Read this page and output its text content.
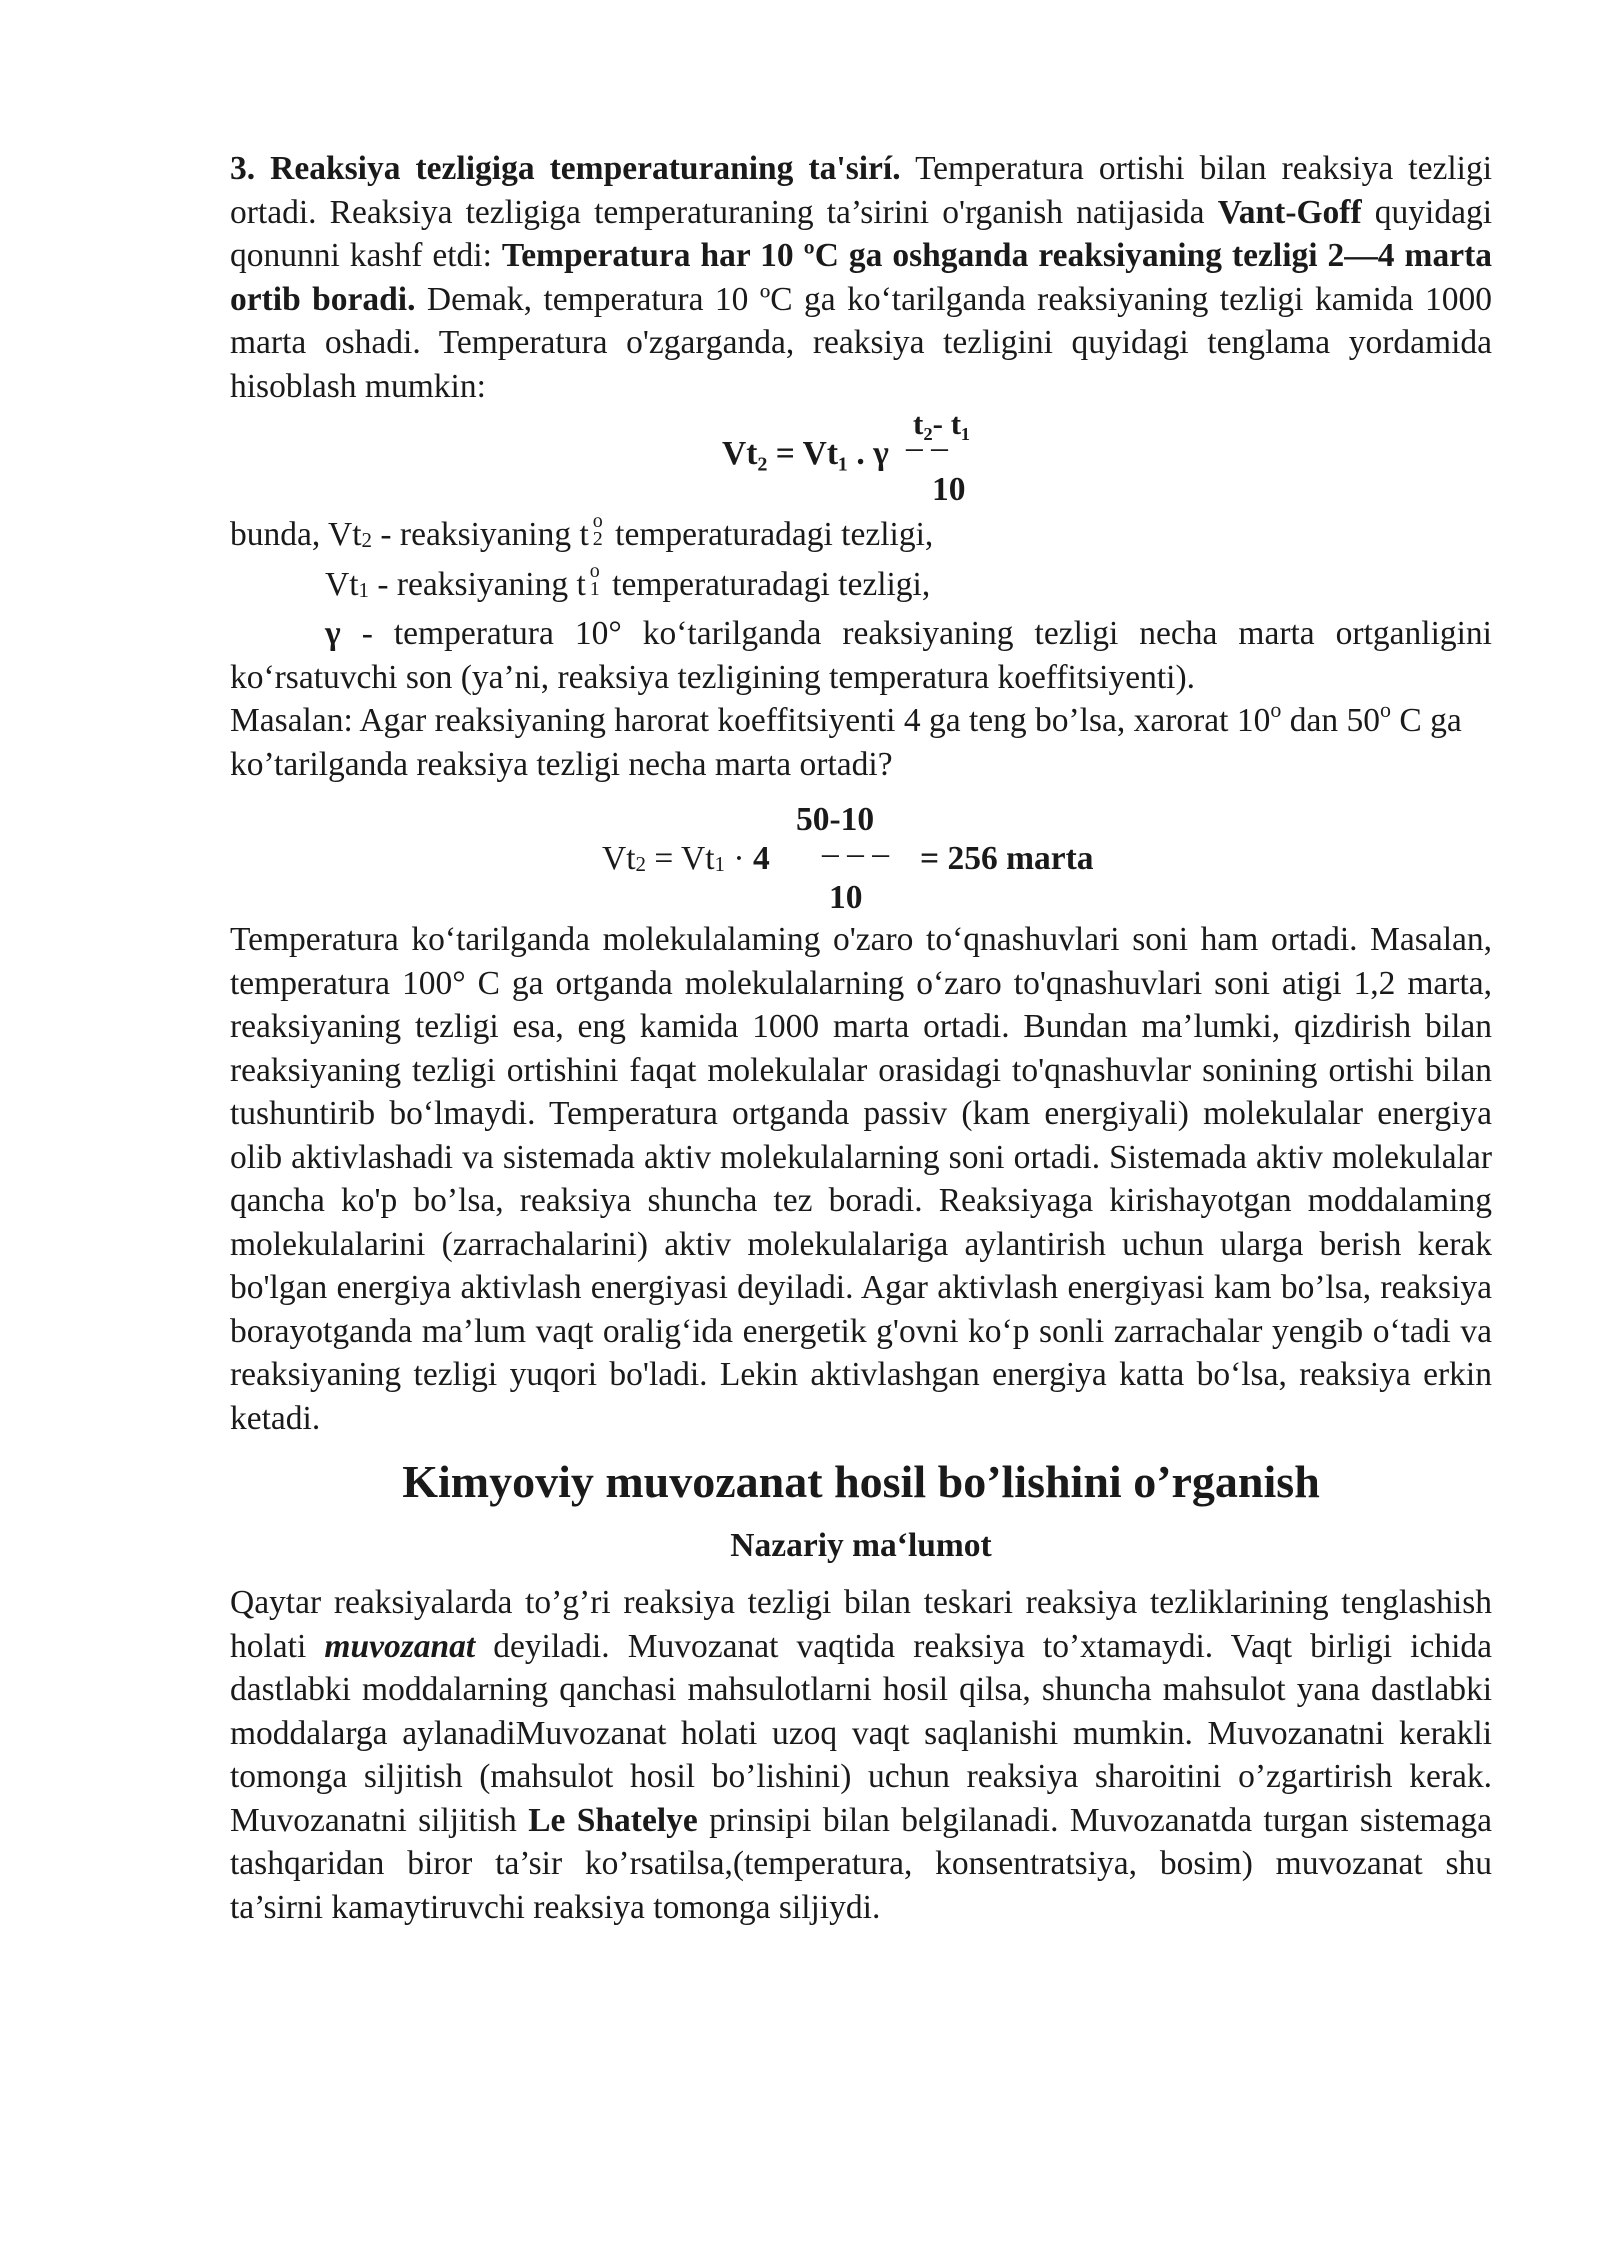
3. Reaksiya tezligiga temperaturaning ta'sirí. Temperatura ortishi bilan reaksiya tezligi ortadi. Reaksiya tezligiga temperaturaning ta’sirini o'rganish natijasida Vant-Goff quyidagi qonunni kashf etdi: Temperatura har 10 ºC ga oshganda reaksiyaning tezligi 2—4 marta ortib boradi. Demak, temperatura 10 ºC ga ko‘tarilganda reaksiyaning tezligi kamida 1000 marta oshadi. Temperatura o'zgarganda, reaksiya tezligini quyidagi tenglama yordamida hisoblash mumkin:

t₂- t₁
Vt₂ = Vt₁ . γ – –
10

bunda, $Vt_2$ - reaksiyaning t o
2 temperaturadagi tezligi,

$Vt_1$ - reaksiyaning t o
1 temperaturadagi tezligi,

γ - temperatura 10° ko‘tarilganda reaksiyaning tezligi necha marta ortganligini ko‘rsatuvchi son (ya’ni, reaksiya tezligining temperatura koeffitsiyenti).

Masalan: Agar reaksiyaning harorat koeffitsiyenti 4 ga teng bo’lsa, xarorat 10$^o$ dan 50$^o$ C ga ko’tarilganda reaksiya tezligi necha marta ortadi?

50-10
$Vt_2 = Vt_1 \cdot 4$ – – – = 256 marta
10

Temperatura ko‘tarilganda molekulalaming o'zaro to‘qnashuvlari soni ham ortadi. Masalan, temperatura 100° C ga ortganda molekulalarning o‘zaro to'qnashuvlari soni atigi 1,2 marta, reaksiyaning tezligi esa, eng kamida 1000 marta ortadi. Bundan ma’lumki, qizdirish bilan reaksiyaning tezligi ortishini faqat molekulalar orasidagi to'qnashuvlar sonining ortishi bilan tushuntirib bo‘lmaydi. Temperatura ortganda passiv (kam energiyali) molekulalar energiya olib aktivlashadi va sistemada aktiv molekulalarning soni ortadi. Sistemada aktiv molekulalar qancha ko'p bo’lsa, reaksiya shuncha tez boradi. Reaksiyaga kirishayotgan moddalaming molekulalarini (zarrachalarini) aktiv molekulalariga aylantirish uchun ularga berish kerak bo'lgan energiya aktivlash energiyasi deyiladi. Agar aktivlash energiyasi kam bo’lsa, reaksiya borayotganda ma’lum vaqt oralig‘ida energetik g'ovni ko‘p sonli zarrachalar yengib o‘tadi va reaksiyaning tezligi yuqori bo'ladi. Lekin aktivlashgan energiya katta bo‘lsa, reaksiya erkin ketadi.

Kimyoviy muvozanat hosil bo’lishini o’rganish
Nazariy ma‘lumot

Qaytar reaksiyalarda to’g’ri reaksiya tezligi bilan teskari reaksiya tezliklarining tenglashish holati muvozanat deyiladi. Muvozanat vaqtida reaksiya to’xtamaydi. Vaqt birligi ichida dastlabki moddalarning qanchasi mahsulotlarni hosil qilsa, shuncha mahsulot yana dastlabki moddalarga aylanadiMuvozanat holati uzoq vaqt saqlanishi mumkin. Muvozanatni kerakli tomonga siljitish (mahsulot hosil bo’lishini) uchun reaksiya sharoitini o’zgartirish kerak. Muvozanatni siljitish Le Shatelye prinsipi bilan belgilanadi. Muvozanatda turgan sistemaga tashqaridan biror ta’sir ko’rsatilsa,(temperatura, konsentratsiya, bosim) muvozanat shu ta’sirni kamaytiruvchi reaksiya tomonga siljiydi.
